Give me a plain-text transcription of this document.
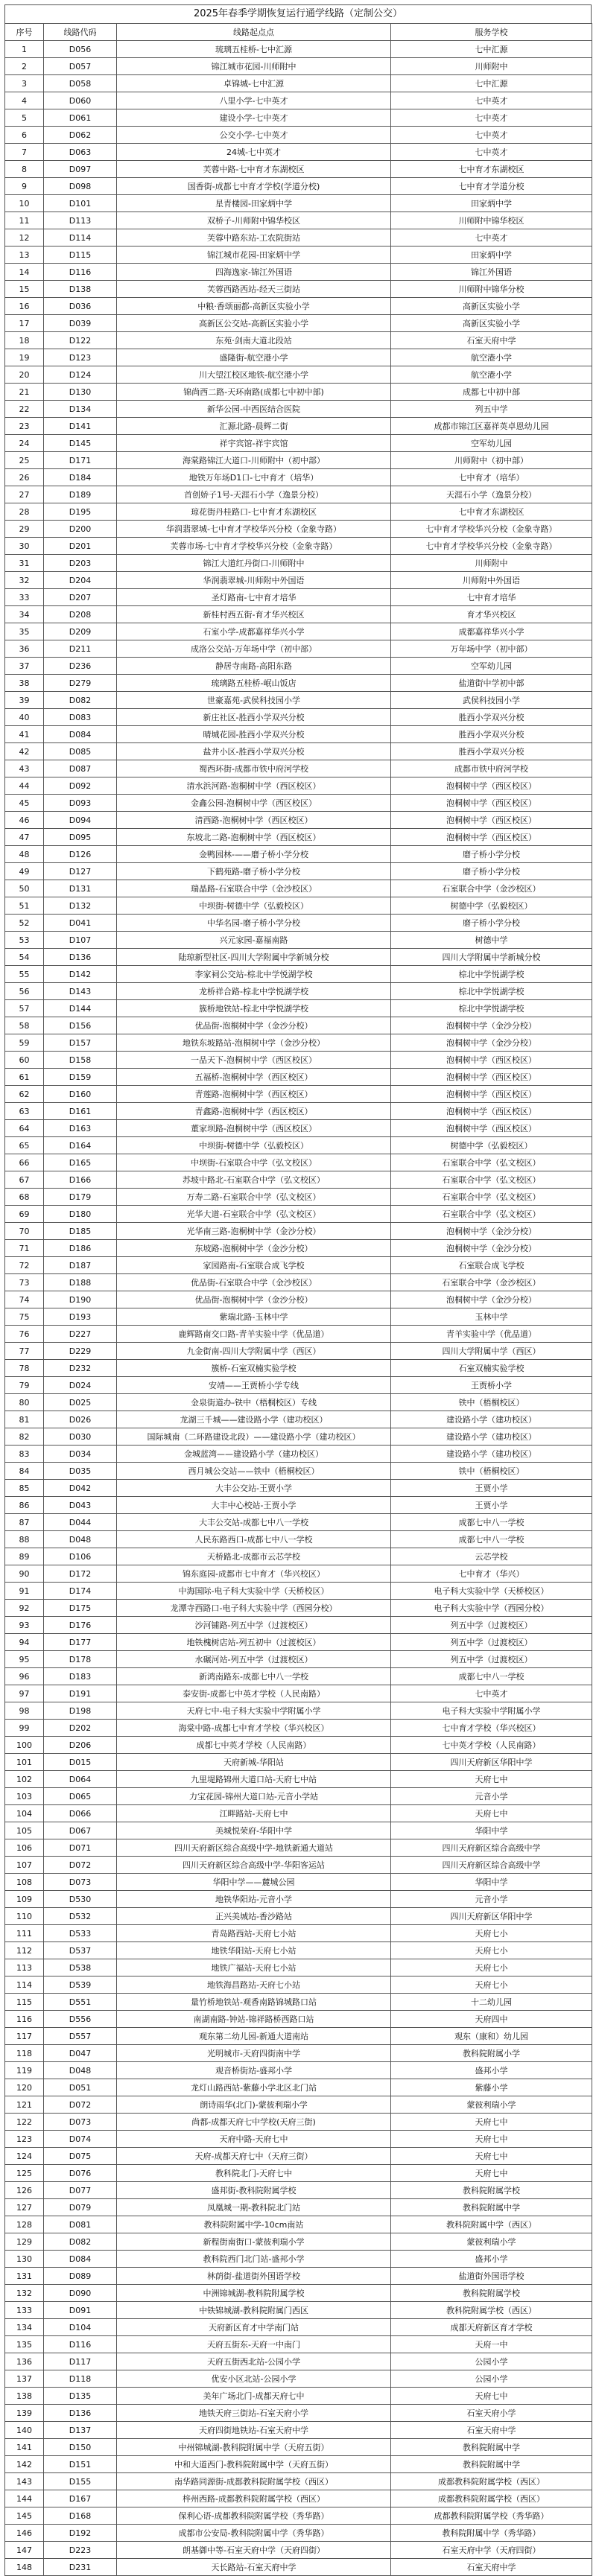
2025年春季学期恢复运行通学线路（定制公交）
序号	线路代码	线路起点点	服务学校
1	D056	琉璃五桂桥-七中汇源	七中汇源
2	D057	锦江城市花园-川师附中	川师附中
3	D058	卓锦城-七中汇源	七中汇源
4	D060	八里小学-七中英才	七中英才
5	D061	建设小学-七中英才	七中英才
6	D062	公交小学-七中英才	七中英才
7	D063	24城-七中英才	七中英才
8	D097	芙蓉中路-七中育才东湖校区	七中育才东湖校区
9	D098	国香街-成都七中育才学校(学道分校)	七中育才学道分校
10	D101	星青楼园-田家炳中学	田家炳中学
11	D113	双桥子-川师附中锦华校区	川师附中锦华校区
12	D114	芙蓉中路东站-工农院街站	七中英才
13	D115	锦江城市花园-田家炳中学	田家炳中学
14	D116	四海逸家-锦江外国语	锦江外国语
15	D138	芙蓉西路西站-经天三街站	川师附中锦华分校
16	D036	中粮·香颂丽都-高新区实验小学	高新区实验小学
17	D039	高新区公交站-高新区实验小学	高新区实验小学
18	D122	东苑·剑南大道北段站	石室天府中学
19	D123	盛隆街-航空港小学	航空港小学
20	D124	川大望江校区地铁-航空港小学	航空港小学
21	D130	锦尚西二路-天环南路(成都七中初中部)	成都七中初中部
22	D134	新华公园-中西医结合医院	列五中学
23	D141	汇源北路-晨辉二街	成都市锦江区嘉祥英卓恩幼儿园
24	D145	祥宇宾馆-祥宇宾馆	空军幼儿园
25	D171	海棠路锦江大道口-川师附中（初中部）	川师附中（初中部）
26	D184	地铁万年场D1口-七中育才（培华）	七中育才（培华）
27	D189	首创娇子1号-天涯石小学（逸景分校）	天涯石小学（逸景分校）
28	D195	琼花街丹桂路口-七中育才东湖校区	七中育才东湖校区
29	D200	华润翡翠城-七中育才学校华兴分校（金象寺路）	七中育才学校华兴分校（金象寺路）
30	D201	芙蓉市场-七中育才学校华兴分校（金象寺路）	七中育才学校华兴分校（金象寺路）
31	D203	锦江大道红丹街口-川师附中	川师附中
32	D204	华润翡翠城-川师附中外国语	川师附中外国语
33	D207	圣灯路南-七中育才培华	七中育才培华
34	D208	新桂村西五街-育才华兴校区	育才华兴校区
35	D209	石室小学-成都嘉祥华兴小学	成都嘉祥华兴小学
36	D211	成洛公交站-万年场中学（初中部）	万年场中学（初中部）
37	D236	静居寺南路-高阳东路	空军幼儿园
38	D279	琉璃路五桂桥-岷山饭店	盐道街中学初中部
39	D082	世豪嘉苑-武侯科技园小学	武侯科技园小学
40	D083	新庄社区-胜西小学双兴分校	胜西小学双兴分校
41	D084	晴城花园-胜西小学双兴分校	胜西小学双兴分校
42	D085	盐井小区-胜西小学双兴分校	胜西小学双兴分校
43	D087	蜀西环街-成都市铁中府河学校	成都市铁中府河学校
44	D092	清水浜河路-泡桐树中学（西区校区）	泡桐树中学（西区校区）
45	D093	金鑫公园-泡桐树中学（西区校区）	泡桐树中学（西区校区）
46	D094	清西路-泡桐树中学（西区校区）	泡桐树中学（西区校区）
47	D095	东坡北二路-泡桐树中学（西区校区）	泡桐树中学（西区校区）
48	D126	金鸭园林-——磨子桥小学分校	磨子桥小学分校
49	D127	下鹤苑路-磨子桥小学分校	磨子桥小学分校
50	D131	瑞晶路-石室联合中学（金沙校区）	石室联合中学（金沙校区）
51	D132	中坝街-树德中学（弘毅校区）	树德中学（弘毅校区）
52	D041	中华名园-磨子桥小学分校	磨子桥小学分校
53	D107	兴元家园-嘉福南路	树德中学
54	D136	陆琼新型社区-四川大学附属中学新城分校	四川大学附属中学新城分校
55	D142	李家祠公交站-棕北中学悦湖学校	棕北中学悦湖学校
56	D143	龙桥祥合路-棕北中学悦湖学校	棕北中学悦湖学校
57	D144	簇桥地铁站-棕北中学悦湖学校	棕北中学悦湖学校
58	D156	优品街-泡桐树中学（金沙分校）	泡桐树中学（金沙分校）
59	D157	地铁东坡路站-泡桐树中学（金沙分校）	泡桐树中学（金沙分校）
60	D158	一品天下-泡桐树中学（西区校区）	泡桐树中学（西区校区）
61	D159	五福桥-泡桐树中学（西区校区）	泡桐树中学（西区校区）
62	D160	青莲路-泡桐树中学（西区校区）	泡桐树中学（西区校区）
63	D161	青鑫路-泡桐树中学（西区校区）	泡桐树中学（西区校区）
64	D163	董家坝路-泡桐树中学（西区校区）	泡桐树中学（西区校区）
65	D164	中坝街-树德中学（弘毅校区）	树德中学（弘毅校区）
66	D165	中坝街-石室联合中学（弘文校区）	石室联合中学（弘文校区）
67	D166	苏坡中路北-石室联合中学（弘文校区）	石室联合中学（弘文校区）
68	D179	万寿二路-石室联合中学（弘文校区）	石室联合中学（弘文校区）
69	D180	光华大道-石室联合中学（弘文校区）	石室联合中学（弘文校区）
70	D185	光华南三路-泡桐树中学（金沙分校）	泡桐树中学（金沙分校）
71	D186	东坡路-泡桐树中学（金沙分校）	泡桐树中学（金沙分校）
72	D187	家园路南-石室联合成飞学校	石室联合成飞学校
73	D188	优品街-石室联合中学（金沙校区）	石室联合中学（金沙校区）
74	D190	优品街-泡桐树中学（金沙分校）	泡桐树中学（金沙分校）
75	D193	紫瑞北路-玉林中学	玉林中学
76	D227	鹿辉路南交口路-青羊实验中学（优品道）	青羊实验中学（优品道）
77	D229	九金街南-四川大学附属中学（西区）	四川大学附属中学（西区）
78	D232	簇桥-石室双楠实验学校	石室双楠实验学校
79	D024	安靖——王贾桥小学专线	王贾桥小学
80	D025	金泉街道办-铁中（梧桐校区）专线	铁中（梧桐校区）
81	D026	龙湖三千城——建设路小学（建功校区）	建设路小学（建功校区）
82	D030	国际城南（二环路建设北段）——建设路小学（建功校区）	建设路小学（建功校区）
83	D034	金城蓝湾——建设路小学（建功校区）	建设路小学（建功校区）
84	D035	西月城公交站——铁中（梧桐校区）	铁中（梧桐校区）
85	D042	大丰公交站-王贾小学	王贾小学
86	D043	大丰中心校站-王贾小学	王贾小学
87	D044	大丰公交站-成都七中八一学校	成都七中八一学校
88	D048	人民东路西口-成都七中八一学校	成都七中八一学校
89	D106	天桥路北-成都市云芯学校	云芯学校
90	D172	锦东庭园-成都市七中育才（华兴校区）	七中育才（华兴）
91	D174	中海国际-电子科大实验中学（天桥校区）	电子科大实验中学（天桥校区）
92	D175	龙潭寺西路口-电子科大实验中学（西园分校）	电子科大实验中学（西园分校）
93	D176	沙河铺路-列五中学（过渡校区）	列五中学（过渡校区）
94	D177	地铁槐树店站-列五初中（过渡校区）	列五中学（过渡校区）
95	D178	水碾河站-列五中学（过渡校区）	列五中学（过渡校区）
96	D183	新鸿南路东-成都七中八一学校	成都七中八一学校
97	D191	泰安街-成都七中英才学校（人民南路）	七中英才
98	D198	天府七中-电子科大实验中学附属小学	电子科大实验中学附属小学
99	D202	海棠中路-成都七中育才学校（华兴校区）	七中育才学校（华兴校区）
100	D206	成都七中英才学校（人民南路）	七中英才学校（人民南路）
101	D015	天府新城-华阳站	四川天府新区华阳中学
102	D064	九里堤路锦州大道口站-天府七中站	天府七中
103	D065	力宝花园-锦州大道口站-元音小学站	元音小学
104	D066	江畔路站-天府七中	天府七中
105	D067	美城悦荣府-华阳中学	华阳中学
106	D071	四川天府新区综合高级中学-地铁新通大道站	四川天府新区综合高级中学
107	D072	四川天府新区综合高级中学-华阳客运站	四川天府新区综合高级中学
108	D073	华阳中学——麓城公园	华阳中学
109	D530	地铁华阳站-元音小学	元音小学
110	D532	正兴美城站-香沙路站	四川天府新区华阳中学
111	D533	青岛路西站-天府七小站	天府七小
112	D537	地铁华阳站-天府七小站	天府七小
113	D538	地铁广福站-天府七小站	天府七小
114	D539	地铁海昌路站-天府七小站	天府七小
115	D551	量竹桥地铁站-观香南路锦城路口站	十二幼儿园
116	D556	南湖南路-钟站-锦祥路桥西路口站	天府四中
117	D557	观东第二幼儿园-新通大道南站	观东（康和）幼儿园
118	D047	光明城市-天府四街南中学	教科院附属小学
119	D048	观音桥街站-盛邦小学	盛邦小学
120	D051	龙灯山路西站-紫藤小学北区北门站	紫藤小学
121	D072	朗诗雨华(北门)-蒙彼利瑞小学	蒙彼利瑞小学
122	D073	尚都-成都天府七中学校(天府三街)	天府七中
123	D074	天府中路-天府七中	天府七中
124	D075	天府-成都天府七中（天府三街）	天府七中
125	D076	教科院北门-天府七中	天府七中
126	D077	盛邦街-教科院附属学校	教科院附属学校
127	D079	凤凰城一期-教科院北门站	教科院附属中学
128	D081	教科院附属中学-10cm南站	教科院附属中学（西区）
129	D082	新程街南街口-蒙彼利瑞小学	蒙彼利瑞小学
130	D084	教科院西门北门站-盛邦小学	盛邦小学
131	D089	林荫街-盐道街外国语学校	盐道街外国语学校
132	D090	中洲锦城湖-教科院附属学校	教科院附属学校
133	D091	中铁锦城湖-教科院附属门西区	教科院附属学校（西区）
134	D104	天府新区育才中学南门站	成都天府新区育才学校
135	D116	天府五街东-天府一中南门	天府一中
136	D117	天府五街西北站-公园小学	公园小学
137	D118	优安小区北站-公园小学	公园小学
138	D135	美年广场北门-成都天府七中	天府七中
139	D136	地铁天府三街站-石室天府小学	石室天府小学
140	D137	天府四街地铁站-石室天府中学	石室天府中学
141	D150	中州锦城湖-教科院附属中学（天府五街）	教科院附属中学
142	D151	中和大道西门-教科院附属中学（天府五街）	教科院附属中学
143	D155	南华路同源街-成都教科院附属学校（西区）	成都教科院附属学校（西区）
144	D167	梓州西路-成都教科院附属学校（西区）	成都教科院附属学校（西区）
145	D168	保利心语-成都教科院附属学校（秀华路）	成都教科院附属学校（秀华路）
146	D192	成都市公安局-教科院附属中学（秀华路）	教科院附属中学（秀华路）
147	D223	朗基御中等-石室天府中学（天府四街）	石室天府中学（天府四街）
148	D231	天长路站-石室天府中学	石室天府中学
